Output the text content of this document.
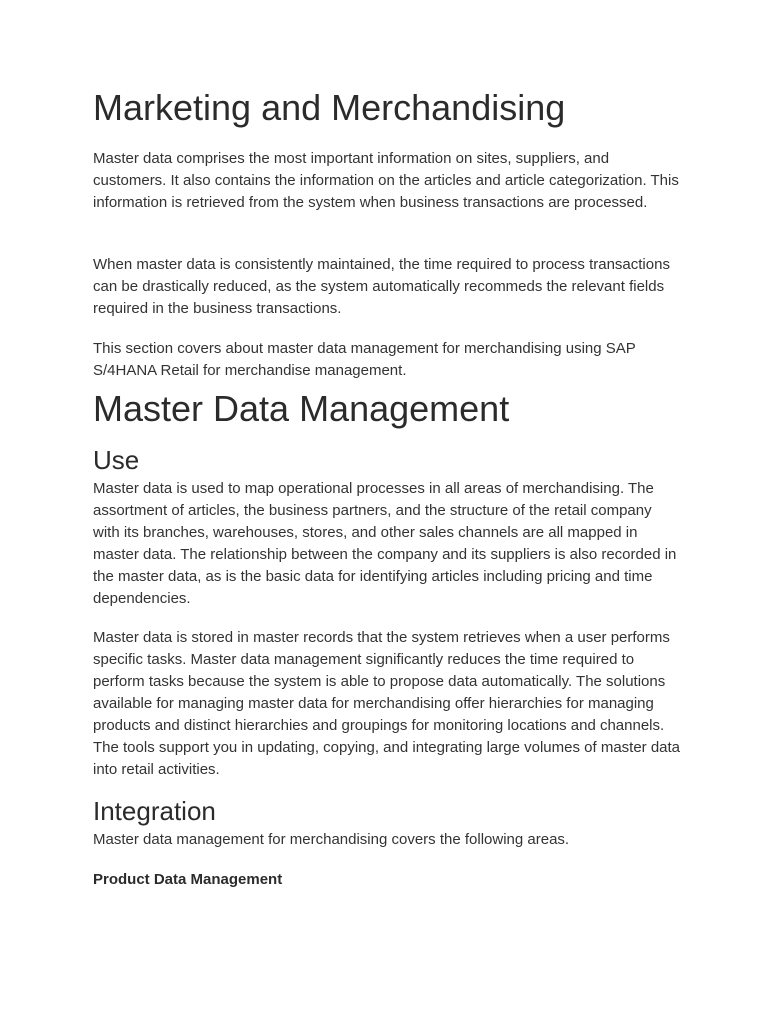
Marketing and Merchandising

Master data comprises the most important information on sites, suppliers, and customers. It also contains the information on the articles and article categorization. This information is retrieved from the system when business transactions are processed.

When master data is consistently maintained, the time required to process transactions can be drastically reduced, as the system automatically recommeds the relevant fields required in the business transactions.

This section covers about master data management for merchandising using SAP S/4HANA Retail for merchandise management.

Master Data Management
Use

Master data is used to map operational processes in all areas of merchandising. The assortment of articles, the business partners, and the structure of the retail company with its branches, warehouses, stores, and other sales channels are all mapped in master data. The relationship between the company and its suppliers is also recorded in the master data, as is the basic data for identifying articles including pricing and time dependencies.

Master data is stored in master records that the system retrieves when a user performs specific tasks. Master data management significantly reduces the time required to perform tasks because the system is able to propose data automatically. The solutions available for managing master data for merchandising offer hierarchies for managing products and distinct hierarchies and groupings for monitoring locations and channels. The tools support you in updating, copying, and integrating large volumes of master data into retail activities.

Integration

Master data management for merchandising covers the following areas.

Product Data Management
